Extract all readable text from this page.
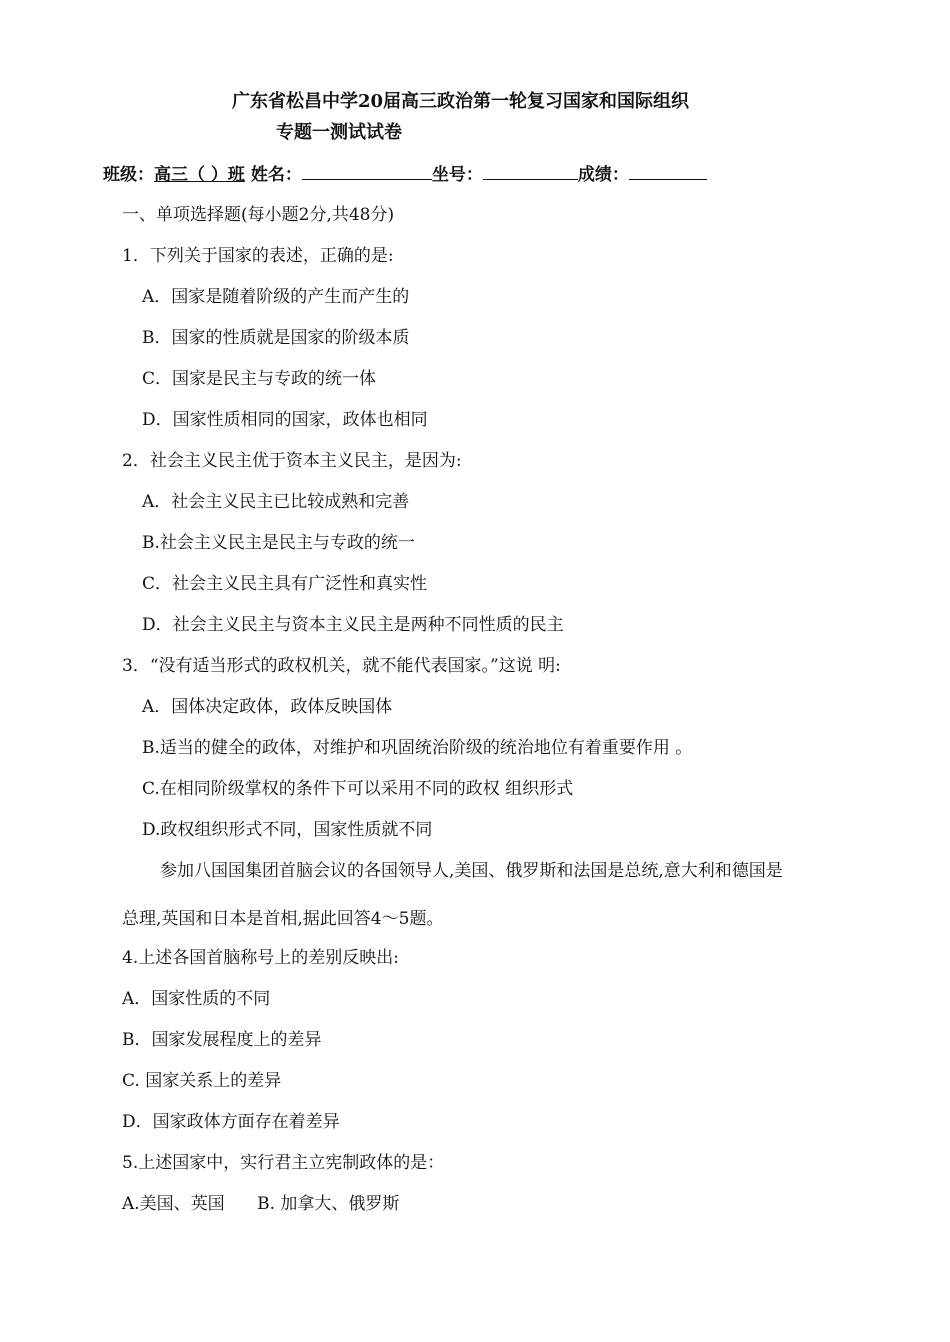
广东省松昌中学20届高三政治第一轮复习国家和国际组织
专题一测试试卷
班级：高三（ ）班 姓名：	坐号：	成绩：
一、单项选择题(每小题2分,共48分)
1．下列关于国家的表述，正确的是:
A．国家是随着阶级的产生而产生的
B．国家的性质就是国家的阶级本质
C．国家是民主与专政的统一体
D．国家性质相同的国家，政体也相同
2．社会主义民主优于资本主义民主，是因为:
A．社会主义民主已比较成熟和完善
B.社会主义民主是民主与专政的统一
C．社会主义民主具有广泛性和真实性
D．社会主义民主与资本主义民主是两种不同性质的民主
3．“没有适当形式的政权机关，就不能代表国家。”这说 明:
A．国体决定政体，政体反映国体
B.适当的健全的政体，对维护和巩固统治阶级的统治地位有着重要作用 。
C.在相同阶级掌权的条件下可以采用不同的政权 组织形式
D.政权组织形式不同，国家性质就不同
参加八国国集团首脑会议的各国领导人,美国、俄罗斯和法国是总统,意大利和德国是
总理,英国和日本是首相,据此回答4～5题。
4.上述各国首脑称号上的差别反映出:
A．国家性质的不同
B．国家发展程度上的差异
C. 国家关系上的差异
D．国家政体方面存在着差异
5.上述国家中，实行君主立宪制政体的是：
A.美国、英国      B. 加拿大、俄罗斯
